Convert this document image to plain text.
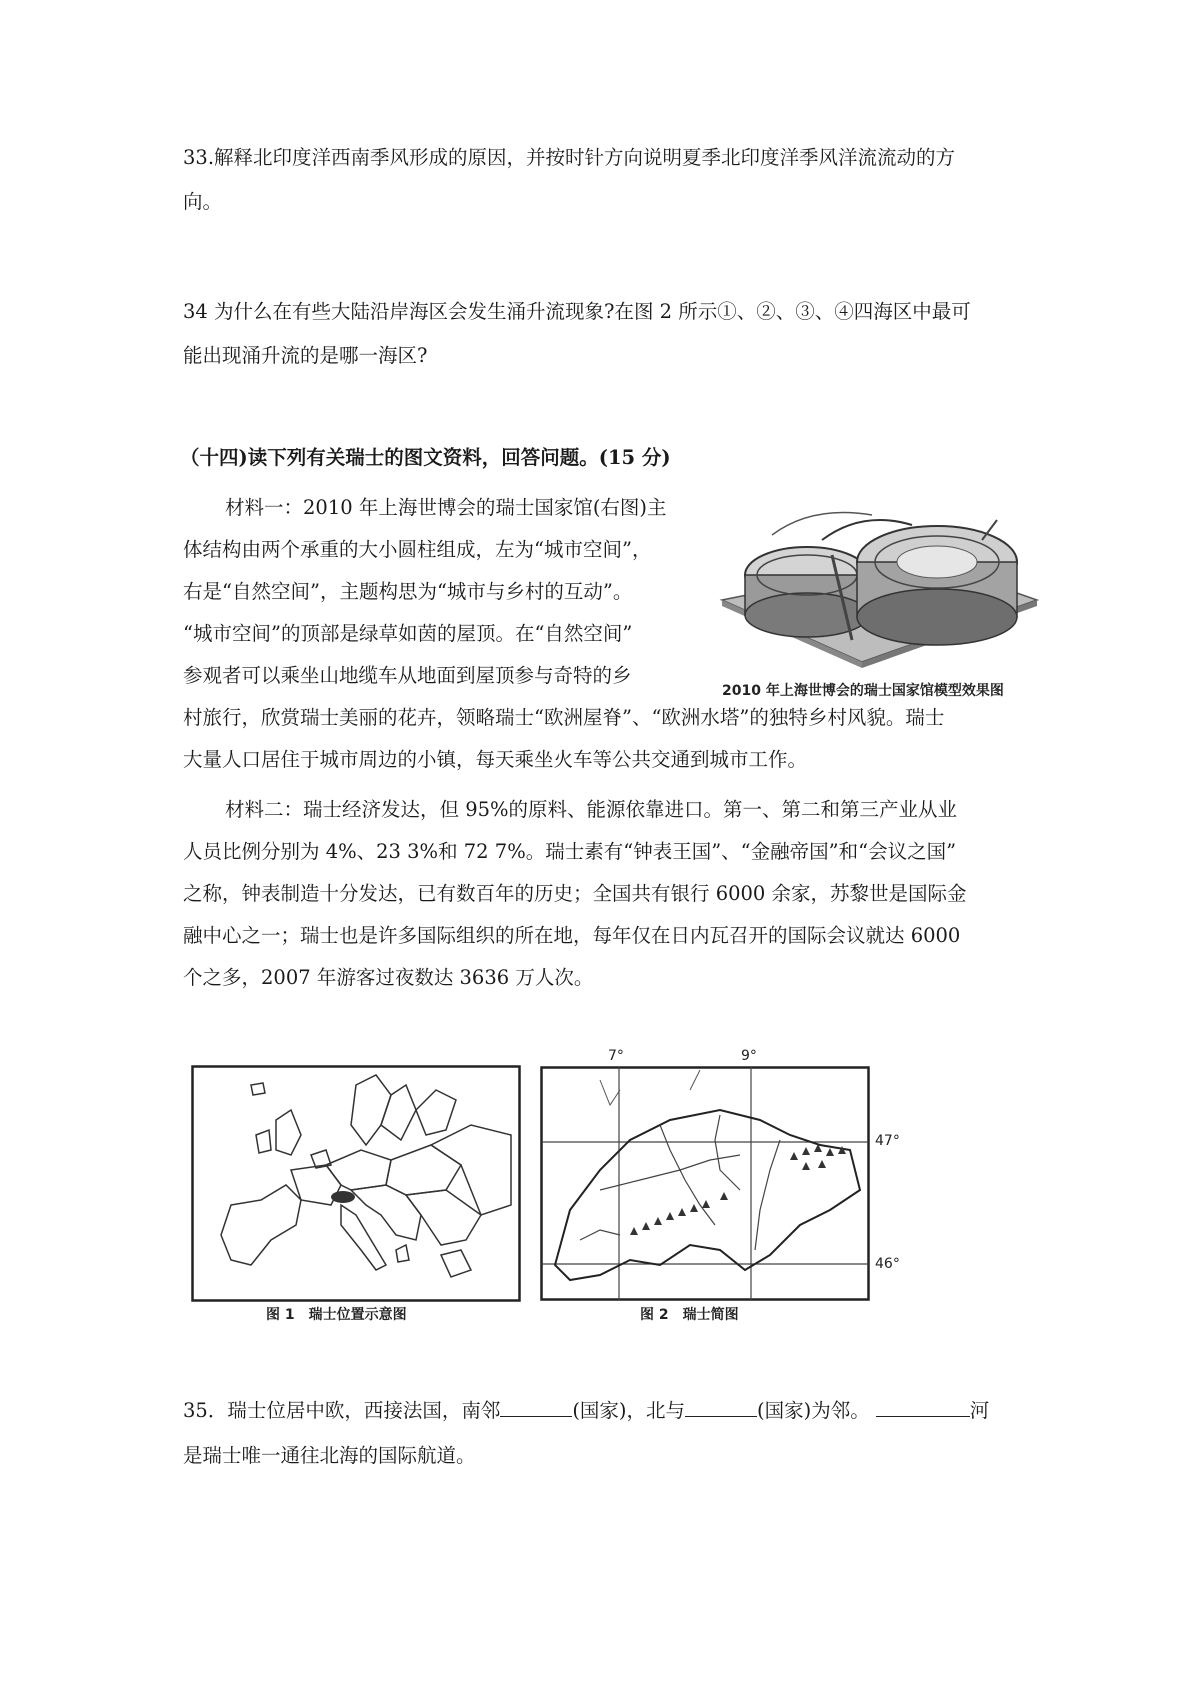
33.解释北印度洋西南季风形成的原因，并按时针方向说明夏季北印度洋季风洋流流动的方
向。
34 为什么在有些大陆沿岸海区会发生涌升流现象?在图 2 所示①、②、③、④四海区中最可
能出现涌升流的是哪一海区?
（十四)读下列有关瑞士的图文资料，回答问题。(15 分)
材料一：2010 年上海世博会的瑞士国家馆(右图)主
体结构由两个承重的大小圆柱组成，左为“城市空间”，
右是“自然空间”，主题构思为“城市与乡村的互动”。
“城市空间”的顶部是绿草如茵的屋顶。在“自然空间”
参观者可以乘坐山地缆车从地面到屋顶参与奇特的乡
村旅行，欣赏瑞士美丽的花卉，领略瑞士“欧洲屋脊”、“欧洲水塔”的独特乡村风貌。瑞士
大量人口居住于城市周边的小镇，每天乘坐火车等公共交通到城市工作。
2010 年上海世博会的瑞士国家馆模型效果图
材料二：瑞士经济发达，但 95%的原料、能源依靠进口。第一、第二和第三产业从业
人员比例分别为 4%、23 3%和 72 7%。瑞士素有“钟表王国”、“金融帝国”和“会议之国”
之称，钟表制造十分发达，已有数百年的历史；全国共有银行 6000 余家，苏黎世是国际金
融中心之一；瑞士也是许多国际组织的所在地，每年仅在日内瓦召开的国际会议就达 6000
个之多，2007 年游客过夜数达 3636 万人次。
7°	9°
47°
46°
图 1　瑞士位置示意图	图 2　瑞士简图
35．瑞士位居中欧，西接法国，南邻	(国家)，北与	(国家)为邻。	河
是瑞士唯一通往北海的国际航道。
